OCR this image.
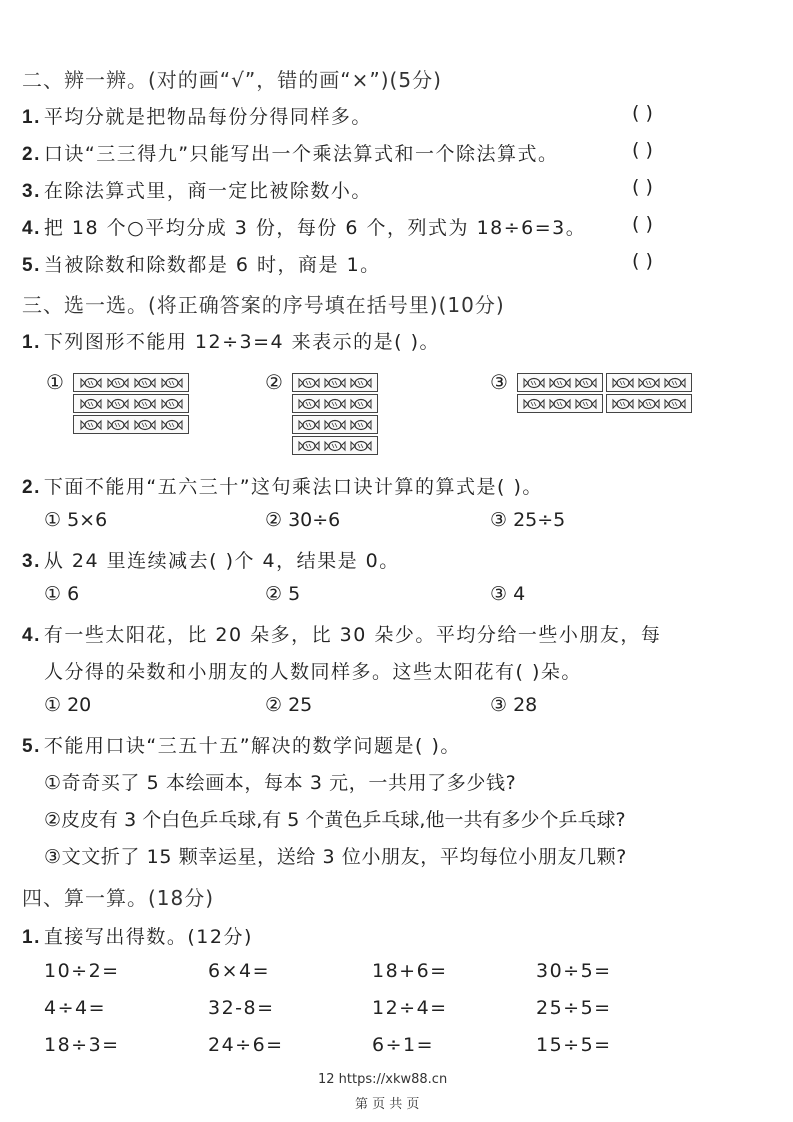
二、辨一辨。(对的画“√”，错的画“×”)(5分)
1. 平均分就是把物品每份分得同样多。	( )
2. 口诀“三三得九”只能写出一个乘法算式和一个除法算式。	( )
3. 在除法算式里，商一定比被除数小。	( )
4. 把 18 个○平均分成 3 份，每份 6 个，列式为 18÷6=3。 ( )
5. 当被除数和除数都是 6 时，商是 1。	( )
三、选一选。(将正确答案的序号填在括号里)(10分)
1. 下列图形不能用 12÷3=4 来表示的是( )。
①	②	③
2. 下面不能用“五六三十”这句乘法口诀计算的算式是( )。
① 5×6	② 30÷6	③ 25÷5
3. 从 24 里连续减去( )个 4，结果是 0。
① 6	② 5	③ 4
4. 有一些太阳花，比 20 朵多，比 30 朵少。平均分给一些小朋友，每
人分得的朵数和小朋友的人数同样多。这些太阳花有( )朵。
① 20	② 25	③ 28
5. 不能用口诀“三五十五”解决的数学问题是( )。
①奇奇买了 5 本绘画本，每本 3 元，一共用了多少钱?
②皮皮有 3 个白色乒乓球,有 5 个黄色乒乓球,他一共有多少个乒乓球?
③文文折了 15 颗幸运星，送给 3 位小朋友，平均每位小朋友几颗?
四、算一算。(18分)
1. 直接写出得数。(12分)
10÷2=	6×4=	18+6=	30÷5=
4÷4=	32-8=	12÷4=	25÷5=
18÷3=	24÷6=	6÷1=	15÷5=
12 https://xkw88.cn
第 页 共 页
